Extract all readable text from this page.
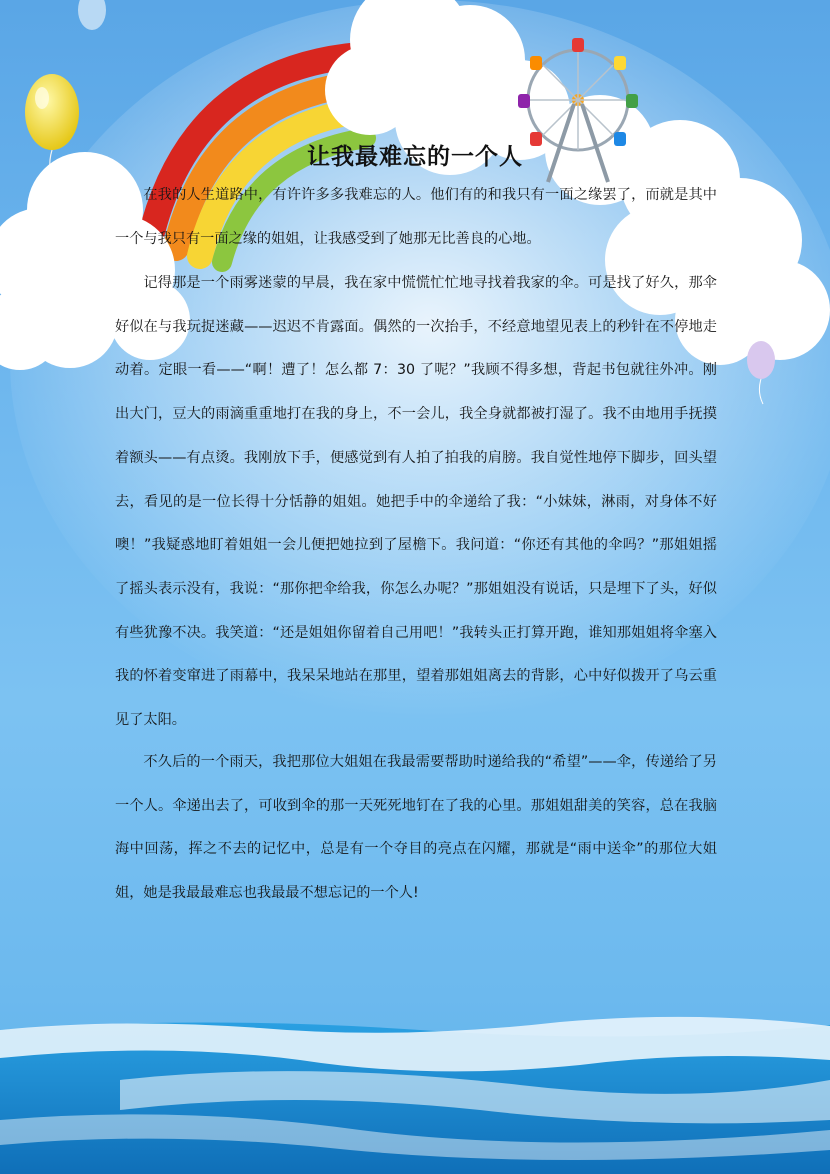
让我最难忘的一个人

在我的人生道路中，有许许多多我难忘的人。他们有的和我只有一面之缘罢了，而就是其中一个与我只有一面之缘的姐姐，让我感受到了她那无比善良的心地。

记得那是一个雨雾迷蒙的早晨，我在家中慌慌忙忙地寻找着我家的伞。可是找了好久，那伞好似在与我玩捉迷藏——迟迟不肯露面。偶然的一次抬手，不经意地望见表上的秒针在不停地走动着。定眼一看——“啊！遭了！怎么都 7：30 了呢？”我顾不得多想，背起书包就往外冲。刚出大门，豆大的雨滴重重地打在我的身上，不一会儿，我全身就都被打湿了。我不由地用手抚摸着额头——有点烫。我刚放下手，便感觉到有人拍了拍我的肩膀。我自觉性地停下脚步，回头望去，看见的是一位长得十分恬静的姐姐。她把手中的伞递给了我：“小妹妹，淋雨，对身体不好噢！”我疑惑地盯着姐姐一会儿便把她拉到了屋檐下。我问道：“你还有其他的伞吗？”那姐姐摇了摇头表示没有，我说：“那你把伞给我，你怎么办呢？”那姐姐没有说话，只是埋下了头，好似有些犹豫不决。我笑道：“还是姐姐你留着自己用吧！”我转头正打算开跑，谁知那姐姐将伞塞入我的怀着变窜进了雨幕中，我呆呆地站在那里，望着那姐姐离去的背影，心中好似拨开了乌云重见了太阳。

不久后的一个雨天，我把那位大姐姐在我最需要帮助时递给我的“希望”——伞，传递给了另一个人。伞递出去了，可收到伞的那一天死死地钉在了我的心里。那姐姐甜美的笑容，总在我脑海中回荡，挥之不去的记忆中，总是有一个夺目的亮点在闪耀，那就是“雨中送伞”的那位大姐姐，她是我最最难忘也我最最不想忘记的一个人!
